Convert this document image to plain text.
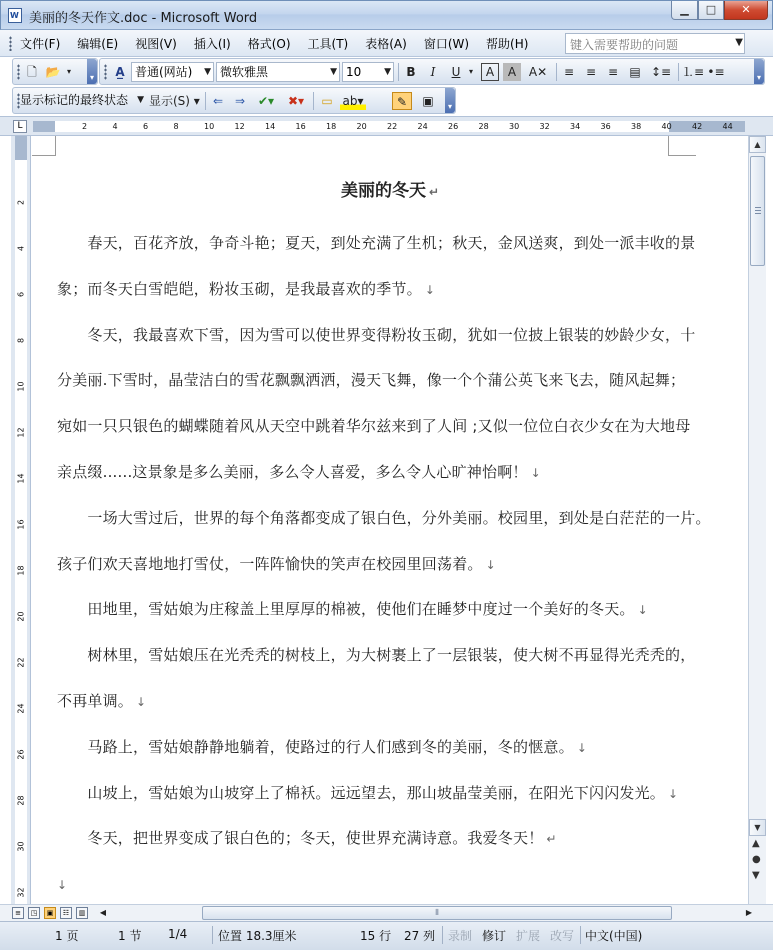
W 美丽的冬天作文.doc - Microsoft Word
▁	□	✕
文件(F) 编辑(E) 视图(V) 插入(I) 格式(O) 工具(T) 表格(A) 窗口(W) 帮助(H)	键入需要帮助的问题	▼
🗋 📂 ▾
▾	A̲ 普通(网站) ▼ 微软雅黑	▼ 10	▼	B	I	U	▾	A	A	A✕	≡ ≡ ≡ ▤ ↕≡ ⒈≡ •≡	▾
显示标记的最终状态 ▼ 显示(S) ▾	⇐ ⇒	✔▾	✖▾	▭ ab▾	✎	▣	▾
L	2	4	6	8	10	12	14	16	18	20	22	24	26	28	30	32	34	36	38	40	42	44
2
4
6
8
10
12
14
16
18
20
22
24
26
28
30
32
美丽的冬天 ↵
　　春天，百花齐放，争奇斗艳；夏天，到处充满了生机；秋天，金风送爽，到处一派丰收的景
象；而冬天白雪皑皑，粉妆玉砌，是我最喜欢的季节。 ↓
　　冬天，我最喜欢下雪，因为雪可以使世界变得粉妆玉砌，犹如一位披上银装的妙龄少女，十
分美丽.下雪时，晶莹洁白的雪花飘飘洒洒，漫天飞舞，像一个个蒲公英飞来飞去，随风起舞；
宛如一只只银色的蝴蝶随着风从天空中跳着华尔兹来到了人间 ;又似一位位白衣少女在为大地母
亲点缀......这景象是多么美丽，多么令人喜爱，多么令人心旷神怡啊！ ↓
　　一场大雪过后，世界的每个角落都变成了银白色，分外美丽。校园里，到处是白茫茫的一片。
孩子们欢天喜地地打雪仗，一阵阵愉快的笑声在校园里回荡着。 ↓
　　田地里，雪姑娘为庄稼盖上里厚厚的棉被，使他们在睡梦中度过一个美好的冬天。 ↓
　　树林里，雪姑娘压在光秃秃的树枝上，为大树裹上了一层银装，使大树不再显得光秃秃的，
不再单调。 ↓
　　马路上，雪姑娘静静地躺着，使路过的行人们感到冬的美丽，冬的惬意。 ↓
　　山坡上，雪姑娘为山坡穿上了棉袄。远远望去，那山坡晶莹美丽，在阳光下闪闪发光。 ↓
　　冬天，把世界变成了银白色的；冬天，使世界充满诗意。我爱冬天！ ↵
↓
▲
▼
▲
●
▼
≡	◳	▣	☷	▥	◀	⦀	▶
1 页	1 节 1/4	位置 18.3厘米	15 行 27 列 录制 修订 扩展 改写 中文(中国)
